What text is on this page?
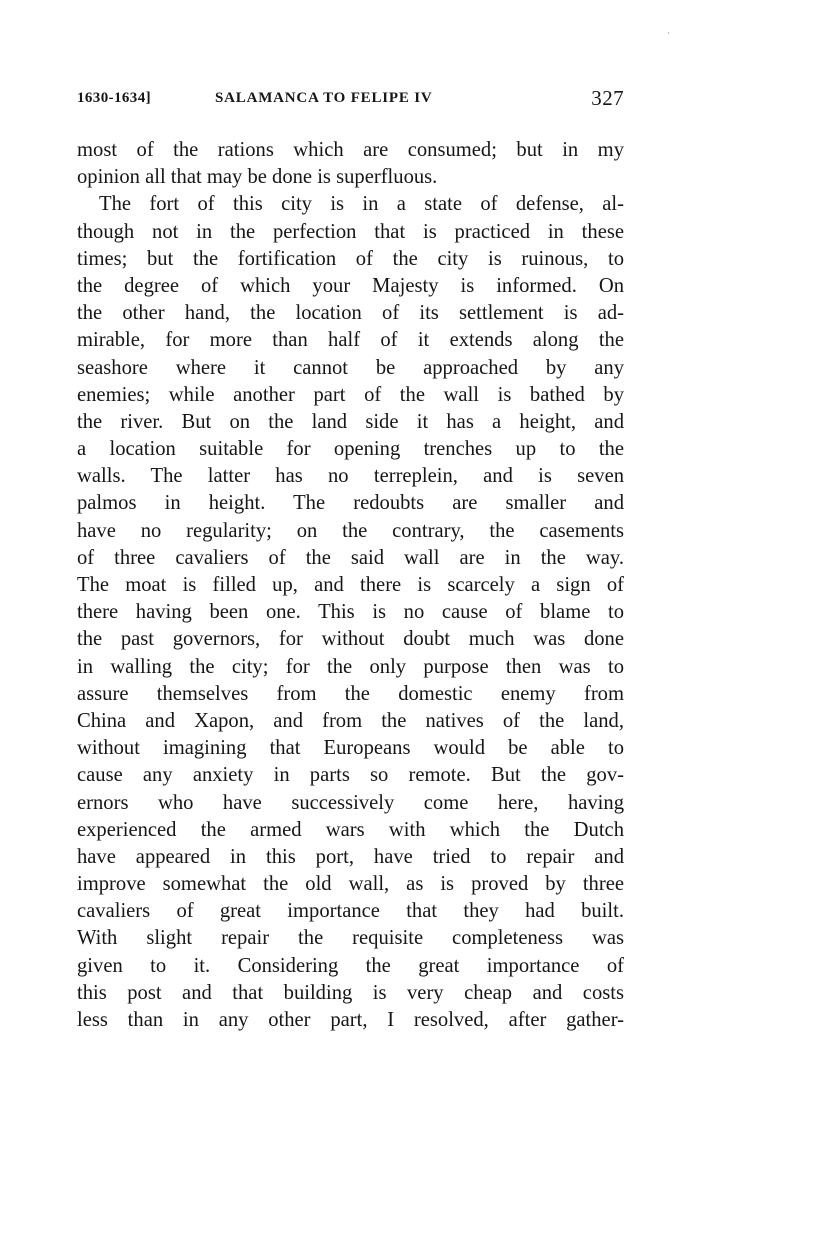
1630-1634]	SALAMANCA TO FELIPE IV	327
most of the rations which are consumed; but in my
opinion all that may be done is superfluous.
The fort of this city is in a state of defense, al-
though not in the perfection that is practiced in these
times; but the fortification of the city is ruinous, to
the degree of which your Majesty is informed. On
the other hand, the location of its settlement is ad-
mirable, for more than half of it extends along the
seashore where it cannot be approached by any
enemies; while another part of the wall is bathed by
the river. But on the land side it has a height, and
a location suitable for opening trenches up to the
walls. The latter has no terreplein, and is seven
palmos in height. The redoubts are smaller and
have no regularity; on the contrary, the casements
of three cavaliers of the said wall are in the way.
The moat is filled up, and there is scarcely a sign of
there having been one. This is no cause of blame to
the past governors, for without doubt much was done
in walling the city; for the only purpose then was to
assure themselves from the domestic enemy from
China and Xapon, and from the natives of the land,
without imagining that Europeans would be able to
cause any anxiety in parts so remote. But the gov-
ernors who have successively come here, having
experienced the armed wars with which the Dutch
have appeared in this port, have tried to repair and
improve somewhat the old wall, as is proved by three
cavaliers of great importance that they had built.
With slight repair the requisite completeness was
given to it. Considering the great importance of
this post and that building is very cheap and costs
less than in any other part, I resolved, after gather-
